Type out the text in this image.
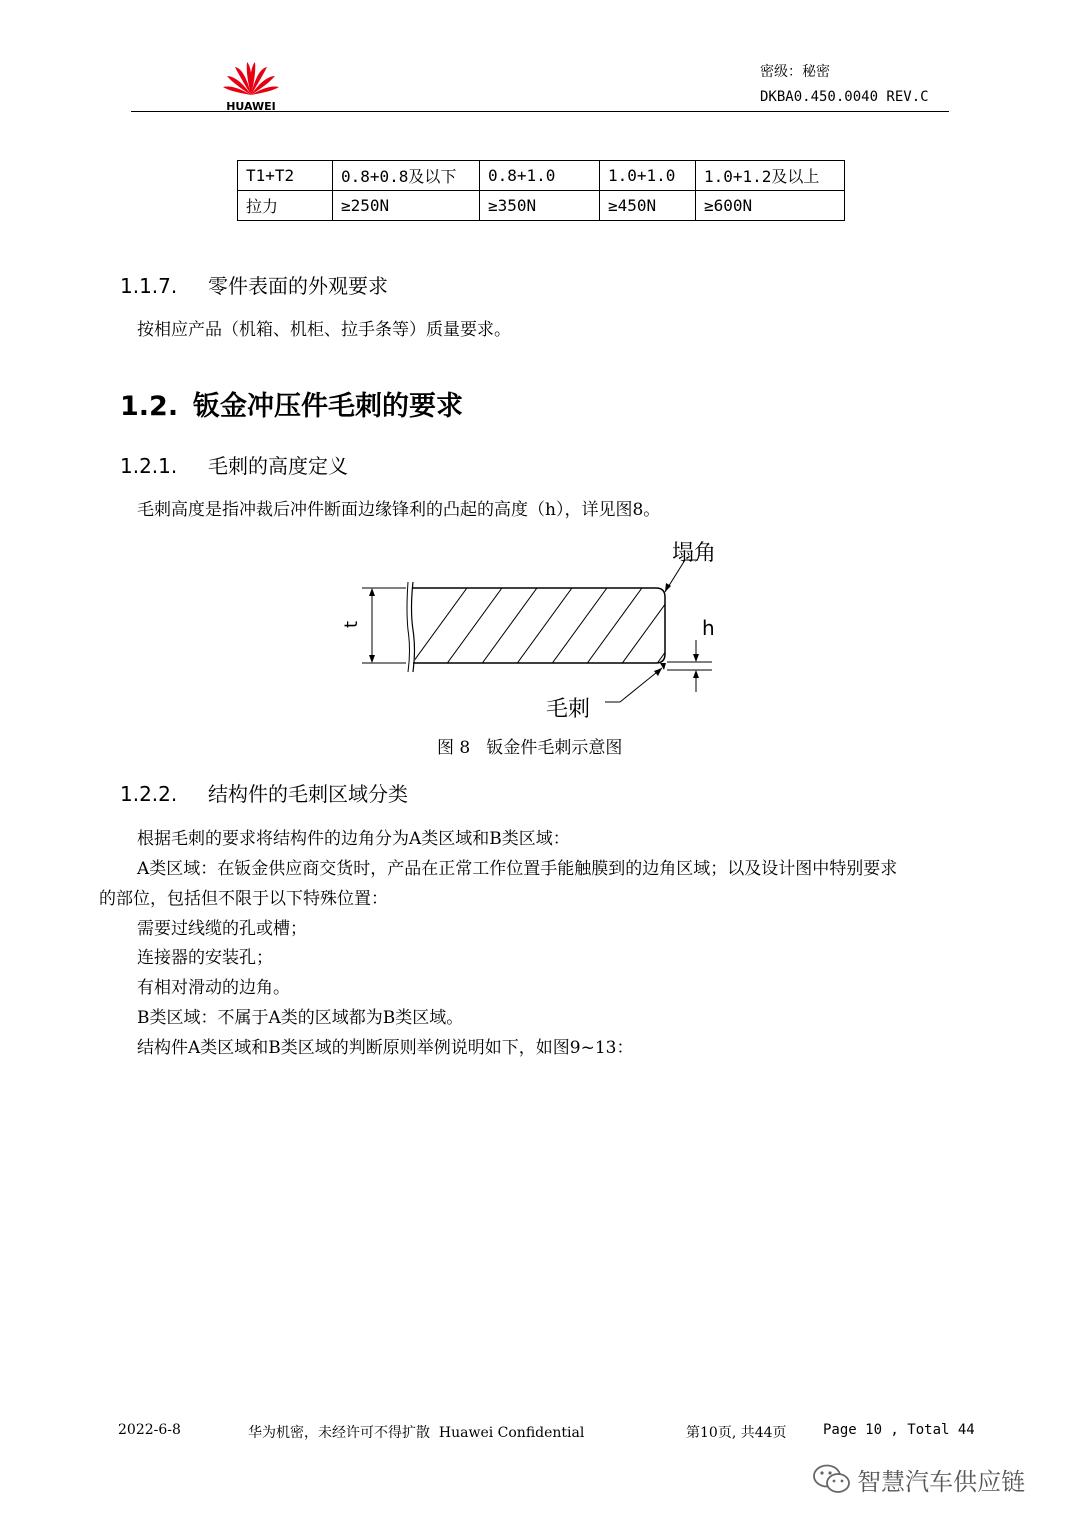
HUAWEI
密级：秘密
DKBA0.450.0040 REV.C
T1+T2	0.8+0.8及以下	0.8+1.0	1.0+1.0	1.0+1.2及以上
拉力	≥250N	≥350N	≥450N	≥600N
1.1.7. 零件表面的外观要求
按相应产品（机箱、机柜、拉手条等）质量要求。
1.2. 钣金冲压件毛刺的要求
1.2.1. 毛刺的高度定义
毛刺高度是指冲裁后冲件断面边缘锋利的凸起的高度（h），详见图8。
塌角
h
t
毛刺
图 8   钣金件毛刺示意图
1.2.2. 结构件的毛刺区域分类
根据毛刺的要求将结构件的边角分为A类区域和B类区域：
A类区域：在钣金供应商交货时，产品在正常工作位置手能触膜到的边角区域；以及设计图中特别要求
的部位，包括但不限于以下特殊位置：
需要过线缆的孔或槽；
连接器的安装孔；
有相对滑动的边角。
B类区域：不属于A类的区域都为B类区域。
结构件A类区域和B类区域的判断原则举例说明如下，如图9~13：
2022-6-8	华为机密，未经许可不得扩散  Huawei Confidential	第10页, 共44页	Page 10 , Total 44
智慧汽车供应链
